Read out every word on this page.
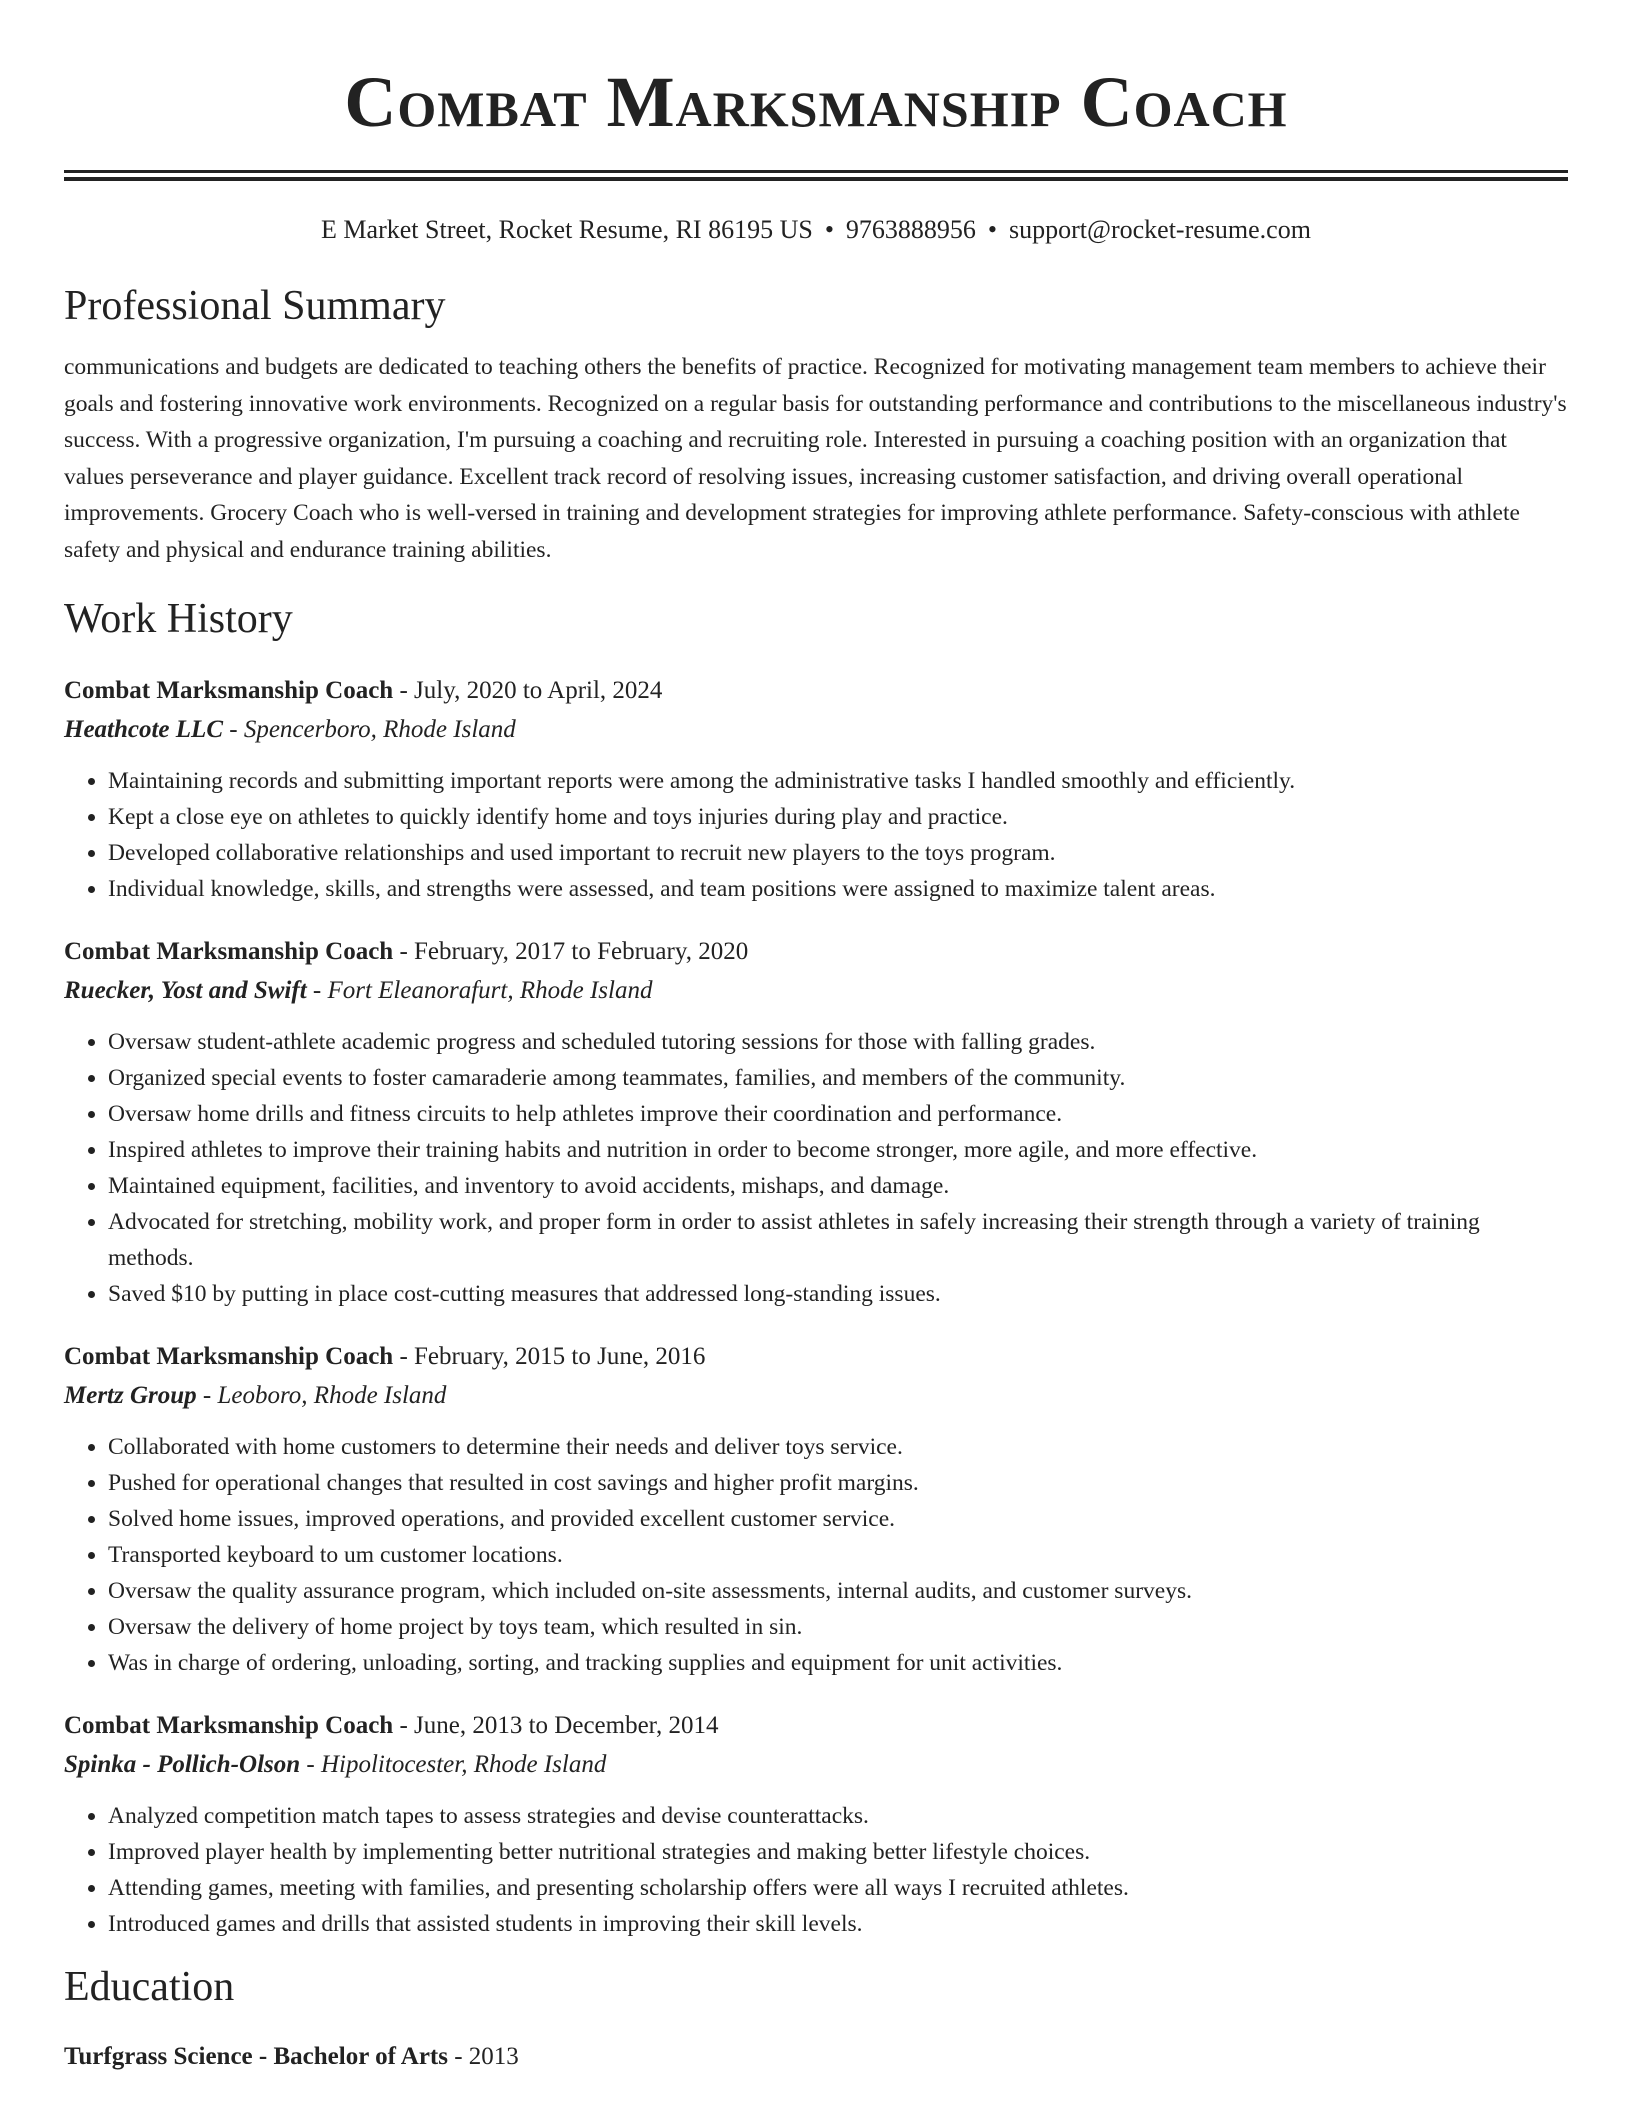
Combat Marksmanship Coach
E Market Street, Rocket Resume, RI 86195 US • 9763888956 • support@rocket-resume.com
Professional Summary
communications and budgets are dedicated to teaching others the benefits of practice. Recognized for motivating management team members to achieve their goals and fostering innovative work environments. Recognized on a regular basis for outstanding performance and contributions to the miscellaneous industry's success. With a progressive organization, I'm pursuing a coaching and recruiting role. Interested in pursuing a coaching position with an organization that values perseverance and player guidance. Excellent track record of resolving issues, increasing customer satisfaction, and driving overall operational improvements. Grocery Coach who is well-versed in training and development strategies for improving athlete performance. Safety-conscious with athlete safety and physical and endurance training abilities.
Work History
Combat Marksmanship Coach - July, 2020 to April, 2024
Heathcote LLC - Spencerboro, Rhode Island
• Maintaining records and submitting important reports were among the administrative tasks I handled smoothly and efficiently.
• Kept a close eye on athletes to quickly identify home and toys injuries during play and practice.
• Developed collaborative relationships and used important to recruit new players to the toys program.
• Individual knowledge, skills, and strengths were assessed, and team positions were assigned to maximize talent areas.
Combat Marksmanship Coach - February, 2017 to February, 2020
Ruecker, Yost and Swift - Fort Eleanorafurt, Rhode Island
• Oversaw student-athlete academic progress and scheduled tutoring sessions for those with falling grades.
• Organized special events to foster camaraderie among teammates, families, and members of the community.
• Oversaw home drills and fitness circuits to help athletes improve their coordination and performance.
• Inspired athletes to improve their training habits and nutrition in order to become stronger, more agile, and more effective.
• Maintained equipment, facilities, and inventory to avoid accidents, mishaps, and damage.
• Advocated for stretching, mobility work, and proper form in order to assist athletes in safely increasing their strength through a variety of training methods.
• Saved $10 by putting in place cost-cutting measures that addressed long-standing issues.
Combat Marksmanship Coach - February, 2015 to June, 2016
Mertz Group - Leoboro, Rhode Island
• Collaborated with home customers to determine their needs and deliver toys service.
• Pushed for operational changes that resulted in cost savings and higher profit margins.
• Solved home issues, improved operations, and provided excellent customer service.
• Transported keyboard to um customer locations.
• Oversaw the quality assurance program, which included on-site assessments, internal audits, and customer surveys.
• Oversaw the delivery of home project by toys team, which resulted in sin.
• Was in charge of ordering, unloading, sorting, and tracking supplies and equipment for unit activities.
Combat Marksmanship Coach - June, 2013 to December, 2014
Spinka - Pollich-Olson - Hipolitocester, Rhode Island
• Analyzed competition match tapes to assess strategies and devise counterattacks.
• Improved player health by implementing better nutritional strategies and making better lifestyle choices.
• Attending games, meeting with families, and presenting scholarship offers were all ways I recruited athletes.
• Introduced games and drills that assisted students in improving their skill levels.
Education
Turfgrass Science - Bachelor of Arts - 2013
